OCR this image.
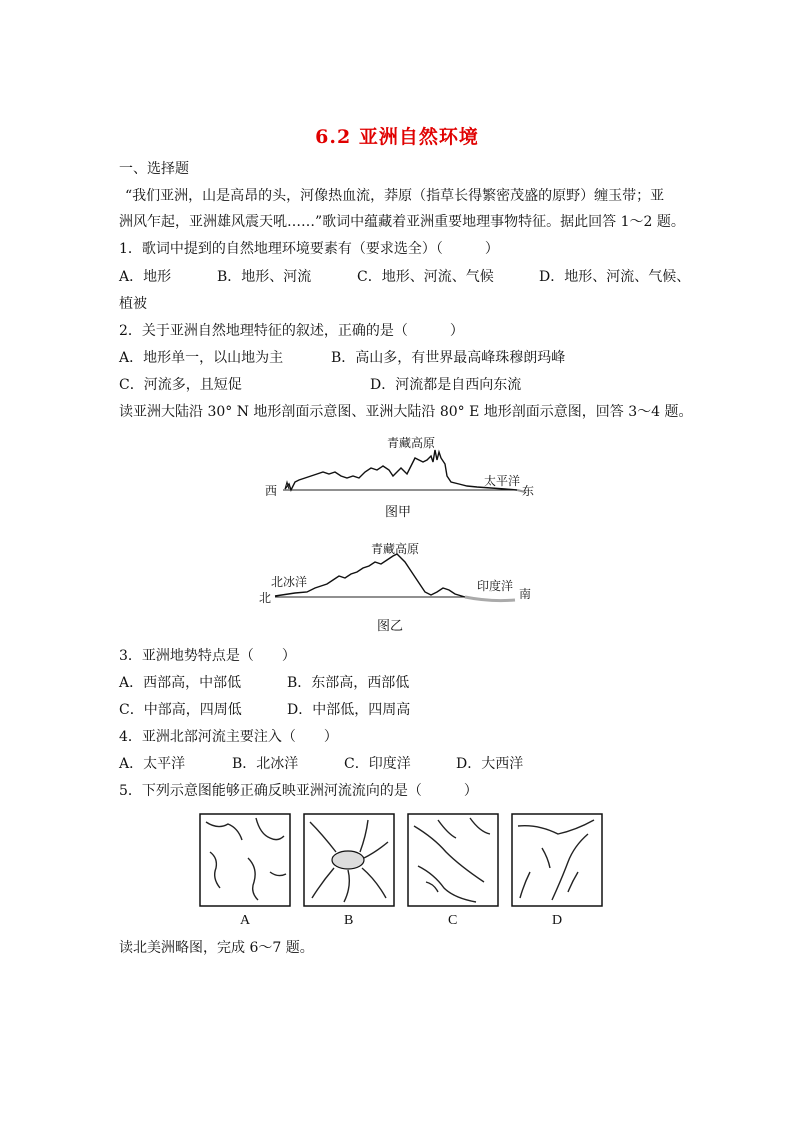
6.2 亚洲自然环境
一、选择题
“我们亚洲，山是高昂的头，河像热血流，莽原（指草长得繁密茂盛的原野）缠玉带；亚
洲风乍起，亚洲雄风震天吼……”歌词中蕴藏着亚洲重要地理事物特征。据此回答 1～2 题。
1．歌词中提到的自然地理环境要素有（要求选全）（　　　）
A．地形	B．地形、河流	C．地形、河流、气候	D．地形、河流、气候、
植被
2．关于亚洲自然地理特征的叙述，正确的是（　　　）
A．地形单一，以山地为主	B．高山多，有世界最高峰珠穆朗玛峰
C．河流多，且短促	D．河流都是自西向东流
读亚洲大陆沿 30° N 地形剖面示意图、亚洲大陆沿 80° E 地形剖面示意图，回答 3～4 题。
青藏高原
西	东
太平洋
图甲
青藏高原
北	南
北冰洋	印度洋
图乙
3．亚洲地势特点是（　　）
A．西部高，中部低	B．东部高，西部低
C．中部高，四周低	D．中部低，四周高
4．亚洲北部河流主要注入（　　）
A．太平洋	B．北冰洋	C．印度洋	D．大西洋
5．下列示意图能够正确反映亚洲河流流向的是（　　　）
A	B	C	D
读北美洲略图，完成 6～7 题。
